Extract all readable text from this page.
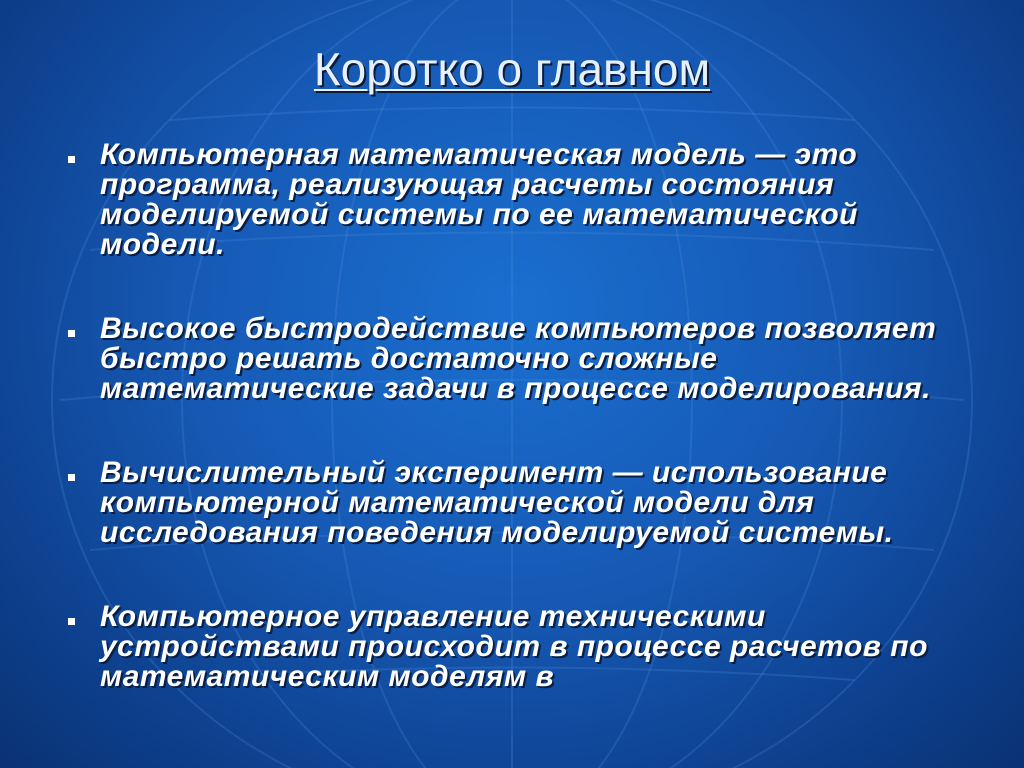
Коротко о главном
Компьютерная математическая модель — это программа, реализующая расчеты состояния моделируемой системы по ее математической модели.
Высокое быстродействие компьютеров позволяет быстро решать достаточно сложные математические задачи в процессе моделирования.
Вычислительный эксперимент — использование компьютерной математической модели для исследования поведения моделируемой системы.
Компьютерное управление техническими устройствами происходит в процессе расчетов по математическим моделям в
